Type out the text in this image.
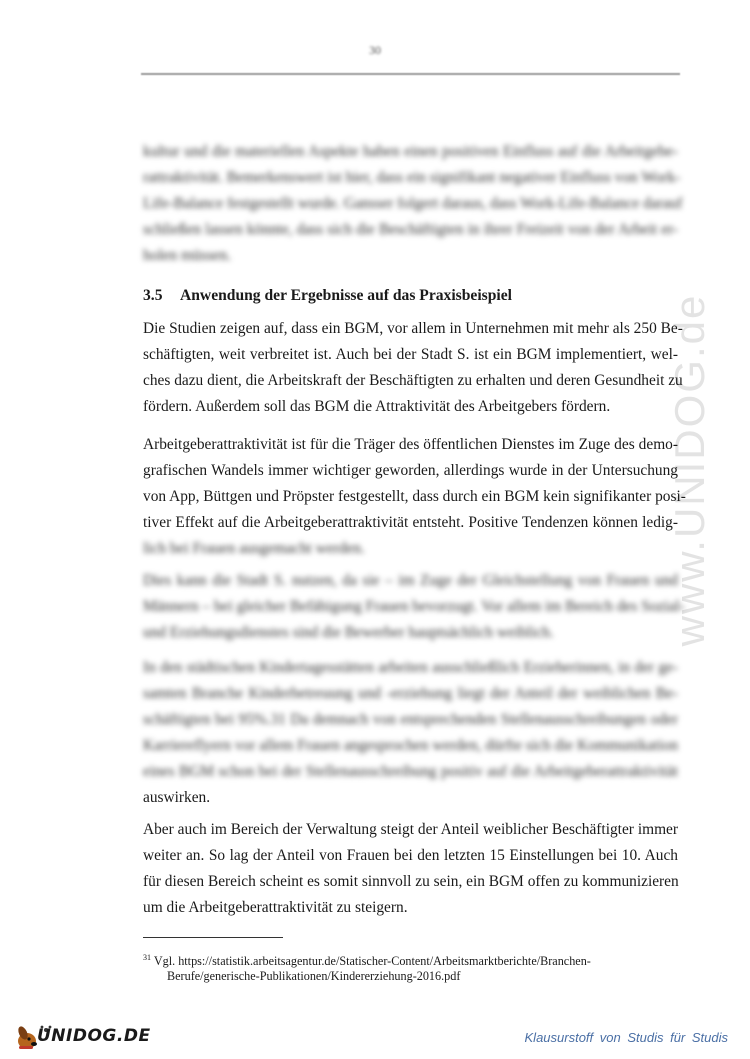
30
www.UNIDOG.de

kultur und die materiellen Aspekte haben einen positiven Einfluss auf die Arbeitgebe-
rattraktivität. Bemerkenswert ist hier, dass ein signifikant negativer Einfluss von Work-
Life-Balance festgestellt wurde. Gansser folgert daraus, dass Work-Life-Balance darauf
schließen lassen könnte, dass sich die Beschäftigten in ihrer Freizeit von der Arbeit er-
holen müssen.

3.5 Anwendung der Ergebnisse auf das Praxisbeispiel

Die Studien zeigen auf, dass ein BGM, vor allem in Unternehmen mit mehr als 250 Be-
schäftigten, weit verbreitet ist. Auch bei der Stadt S. ist ein BGM implementiert, wel-
ches dazu dient, die Arbeitskraft der Beschäftigten zu erhalten und deren Gesundheit zu
fördern. Außerdem soll das BGM die Attraktivität des Arbeitgebers fördern.

Arbeitgeberattraktivität ist für die Träger des öffentlichen Dienstes im Zuge des demo-
grafischen Wandels immer wichtiger geworden, allerdings wurde in der Untersuchung
von App, Büttgen und Pröpster festgestellt, dass durch ein BGM kein signifikanter posi-
tiver Effekt auf die Arbeitgeberattraktivität entsteht. Positive Tendenzen können ledig-

lich bei Frauen ausgemacht werden.

Dies kann die Stadt S. nutzen, da sie – im Zuge der Gleichstellung von Frauen und
Männern – bei gleicher Befähigung Frauen bevorzugt. Vor allem im Bereich des Sozial-
und Erziehungsdienstes sind die Bewerber hauptsächlich weiblich.

In den städtischen Kindertagesstätten arbeiten ausschließlich Erzieherinnen, in der ge-
samten Branche Kinderbetreuung und -erziehung liegt der Anteil der weiblichen Be-
schäftigten bei 95%.31 Da demnach von entsprechenden Stellenausschreibungen oder
Karriereflyern vor allem Frauen angesprochen werden, dürfte sich die Kommunikation
eines BGM schon bei der Stellenausschreibung positiv auf die Arbeitgeberattraktivität

auswirken.

Aber auch im Bereich der Verwaltung steigt der Anteil weiblicher Beschäftigter immer
weiter an. So lag der Anteil von Frauen bei den letzten 15 Einstellungen bei 10. Auch
für diesen Bereich scheint es somit sinnvoll zu sein, ein BGM offen zu kommunizieren
um die Arbeitgeberattraktivität zu steigern.

$^{31}$ Vgl. https://statistik.arbeitsagentur.de/Statischer-Content/Arbeitsmarktberichte/Branchen-
Berufe/generische-Publikationen/Kindererziehung-2016.pdf
UNIDOG.DE	Klausurstoff von Studis für Studis
